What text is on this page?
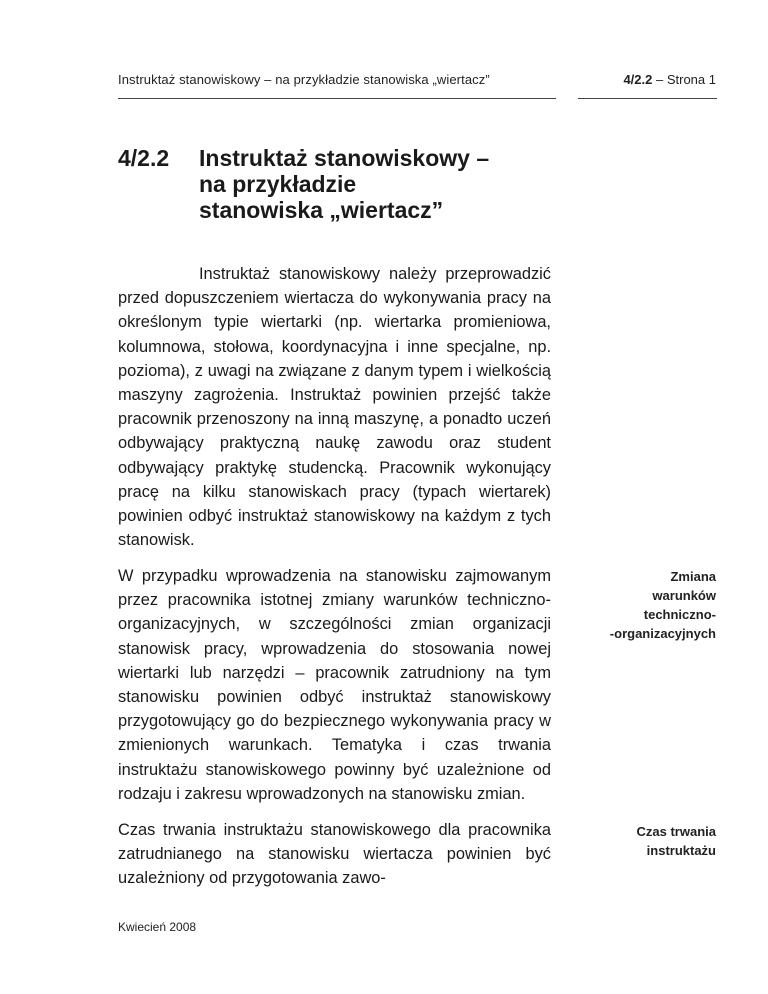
Instruktaż stanowiskowy – na przykładzie stanowiska „wiertacz”	4/2.2 – Strona 1
4/2.2 Instruktaż stanowiskowy –
na przykładzie
stanowiska „wiertacz”

Instruktaż stanowiskowy należy przeprowadzić przed dopuszczeniem wiertacza do wykonywania pracy na określonym typie wiertarki (np. wiertarka promieniowa, kolumnowa, stołowa, koordynacyjna i inne specjalne, np. pozioma), z uwagi na związane z danym typem i wielkością maszyny zagrożenia. Instruktaż powinien przejść także pracownik przenoszony na inną maszynę, a ponadto uczeń odbywający praktyczną naukę zawodu oraz student odbywający praktykę studencką. Pracownik wykonujący pracę na kilku stanowiskach pracy (typach wiertarek) powinien odbyć instruktaż stanowiskowy na każdym z tych stanowisk.

W przypadku wprowadzenia na stanowisku zajmowanym przez pracownika istotnej zmiany warunków techniczno-organizacyjnych, w szczególności zmian organizacji stanowisk pracy, wprowadzenia do stosowania nowej wiertarki lub narzędzi – pracownik zatrudniony na tym stanowisku powinien odbyć instruktaż stanowiskowy przygotowujący go do bezpiecznego wykonywania pracy w zmienionych warunkach. Tematyka i czas trwania instruktażu stanowiskowego powinny być uzależnione od rodzaju i zakresu wprowadzonych na stanowisku zmian.

Czas trwania instruktażu stanowiskowego dla pracownika zatrudnianego na stanowisku wiertacza powinien być uzależniony od przygotowania zawo-

Zmiana
warunków
techniczno-
-organizacyjnych
Czas trwania
instruktażu
Kwiecień 2008
